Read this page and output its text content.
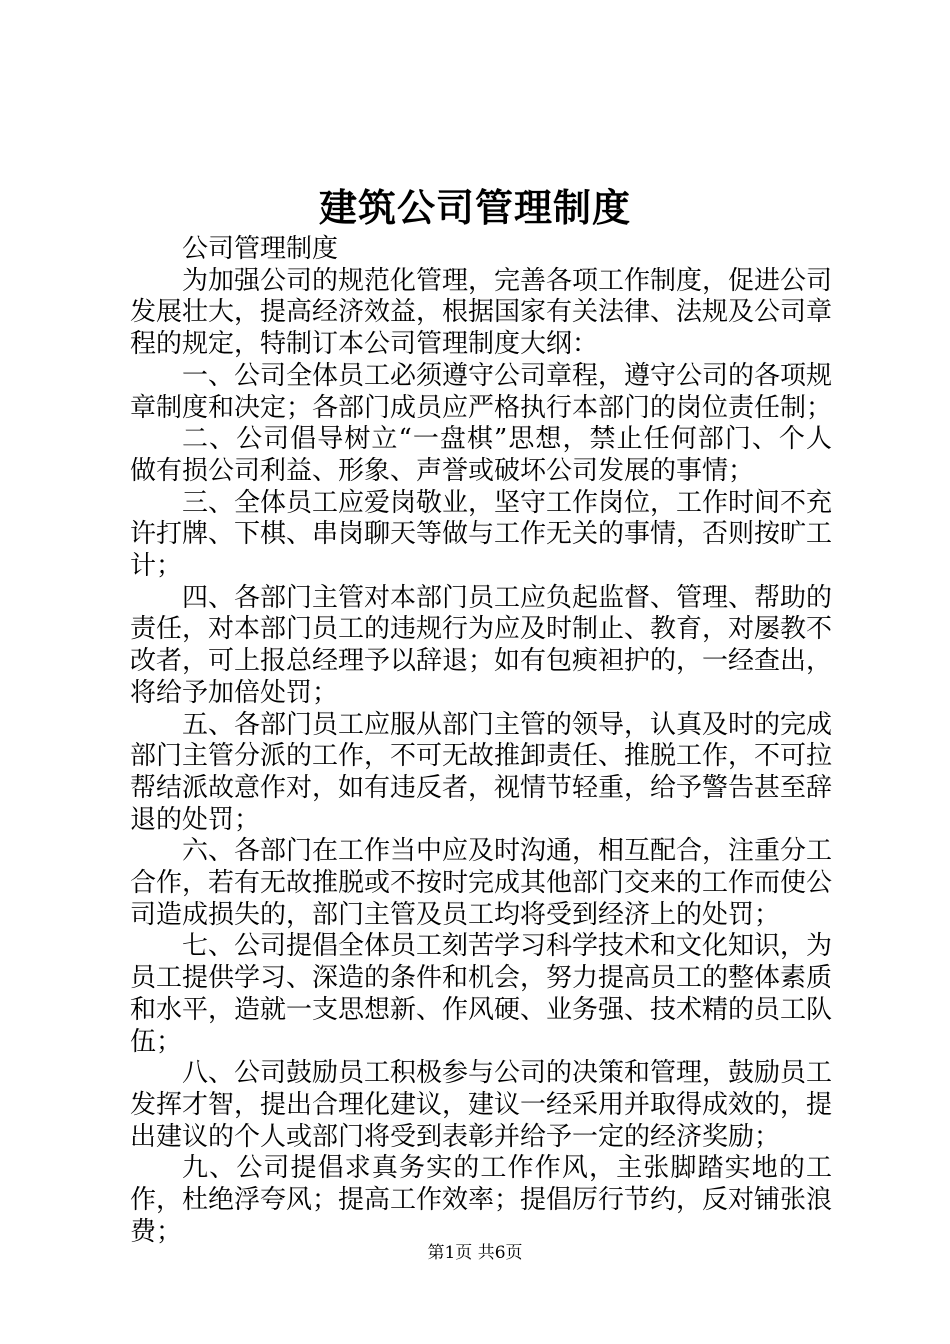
建筑公司管理制度

公司管理制度

为加强公司的规范化管理，完善各项工作制度，促进公司发展壮大，提高经济效益，根据国家有关法律、法规及公司章程的规定，特制订本公司管理制度大纲：

一、公司全体员工必须遵守公司章程，遵守公司的各项规章制度和决定；各部门成员应严格执行本部门的岗位责任制；

二、公司倡导树立“一盘棋”思想，禁止任何部门、个人做有损公司利益、形象、声誉或破坏公司发展的事情；

三、全体员工应爱岗敬业，坚守工作岗位，工作时间不充许打牌、下棋、串岗聊天等做与工作无关的事情，否则按旷工计；

四、各部门主管对本部门员工应负起监督、管理、帮助的责任，对本部门员工的违规行为应及时制止、教育，对屡教不改者，可上报总经理予以辞退；如有包瘐袒护的，一经查出，将给予加倍处罚；

五、各部门员工应服从部门主管的领导，认真及时的完成部门主管分派的工作，不可无故推卸责任、推脱工作，不可拉帮结派故意作对，如有违反者，视情节轻重，给予警告甚至辞退的处罚；

六、各部门在工作当中应及时沟通，相互配合，注重分工合作，若有无故推脱或不按时完成其他部门交来的工作而使公司造成损失的，部门主管及员工均将受到经济上的处罚；

七、公司提倡全体员工刻苦学习科学技术和文化知识，为员工提供学习、深造的条件和机会，努力提高员工的整体素质和水平，造就一支思想新、作风硬、业务强、技术精的员工队伍；

八、公司鼓励员工积极参与公司的决策和管理，鼓励员工发挥才智，提出合理化建议，建议一经采用并取得成效的，提出建议的个人或部门将受到表彰并给予一定的经济奖励；

九、公司提倡求真务实的工作作风，主张脚踏实地的工作，杜绝浮夸风；提高工作效率；提倡厉行节约，反对铺张浪费；

第1页 共6页
